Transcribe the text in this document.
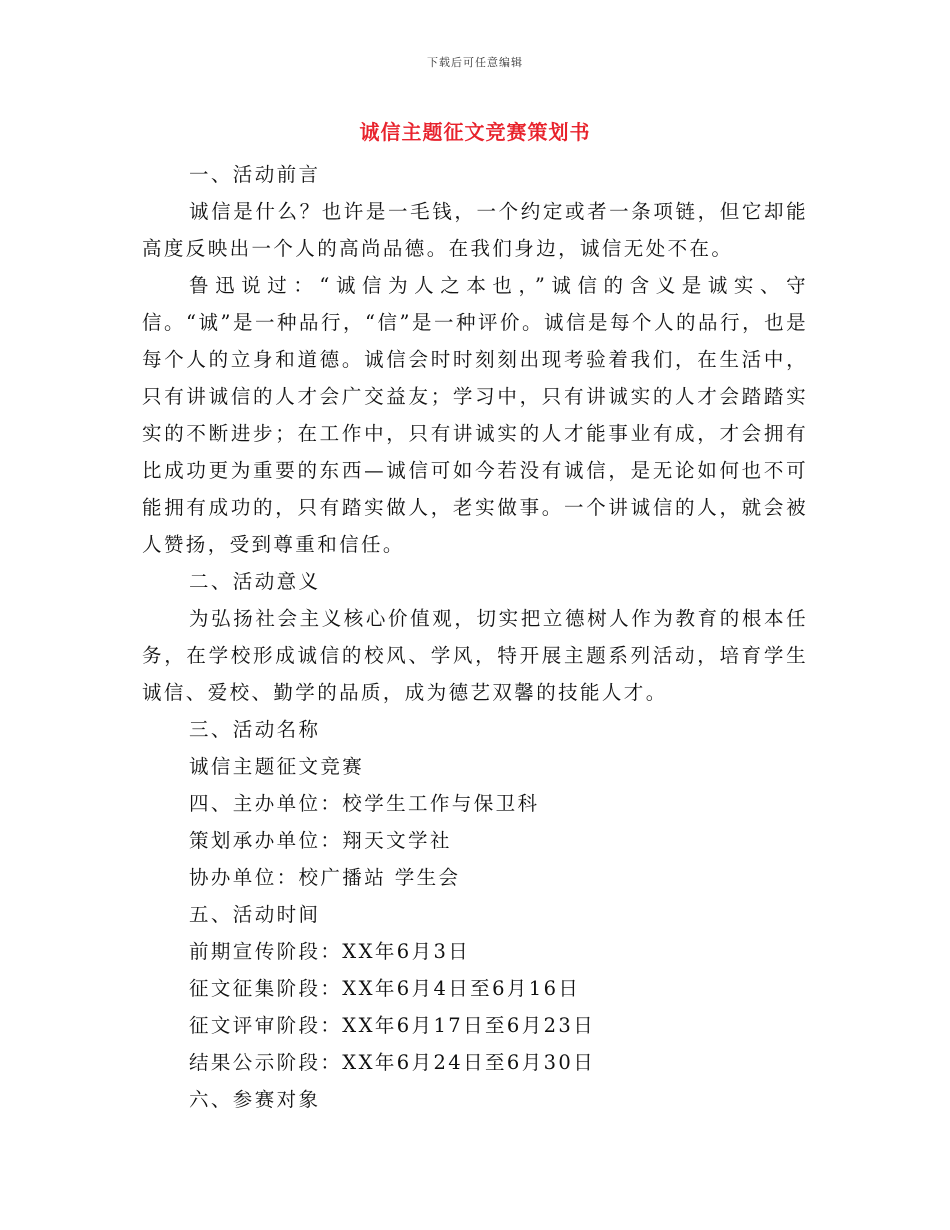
下载后可任意编辑
诚信主题征文竞赛策划书

一、活动前言

诚信是什么？也许是一毛钱，一个约定或者一条项链，但它却能高度反映出一个人的高尚品德。在我们身边，诚信无处不在。

鲁迅说过：“诚信为人之本也，”诚信的含义是诚实、守信。“诚”是一种品行，“信”是一种评价。诚信是每个人的品行，也是每个人的立身和道德。诚信会时时刻刻出现考验着我们，在生活中，只有讲诚信的人才会广交益友；学习中，只有讲诚实的人才会踏踏实实的不断进步；在工作中，只有讲诚实的人才能事业有成，才会拥有比成功更为重要的东西—诚信可如今若没有诚信，是无论如何也不可能拥有成功的，只有踏实做人，老实做事。一个讲诚信的人，就会被人赞扬，受到尊重和信任。

二、活动意义

为弘扬社会主义核心价值观，切实把立德树人作为教育的根本任务，在学校形成诚信的校风、学风，特开展主题系列活动，培育学生诚信、爱校、勤学的品质，成为德艺双馨的技能人才。

三、活动名称

诚信主题征文竞赛

四、主办单位：校学生工作与保卫科

策划承办单位：翔天文学社

协办单位：校广播站 学生会

五、活动时间

前期宣传阶段：XX年6月3日

征文征集阶段：XX年6月4日至6月16日

征文评审阶段：XX年6月17日至6月23日

结果公示阶段：XX年6月24日至6月30日

六、参赛对象
